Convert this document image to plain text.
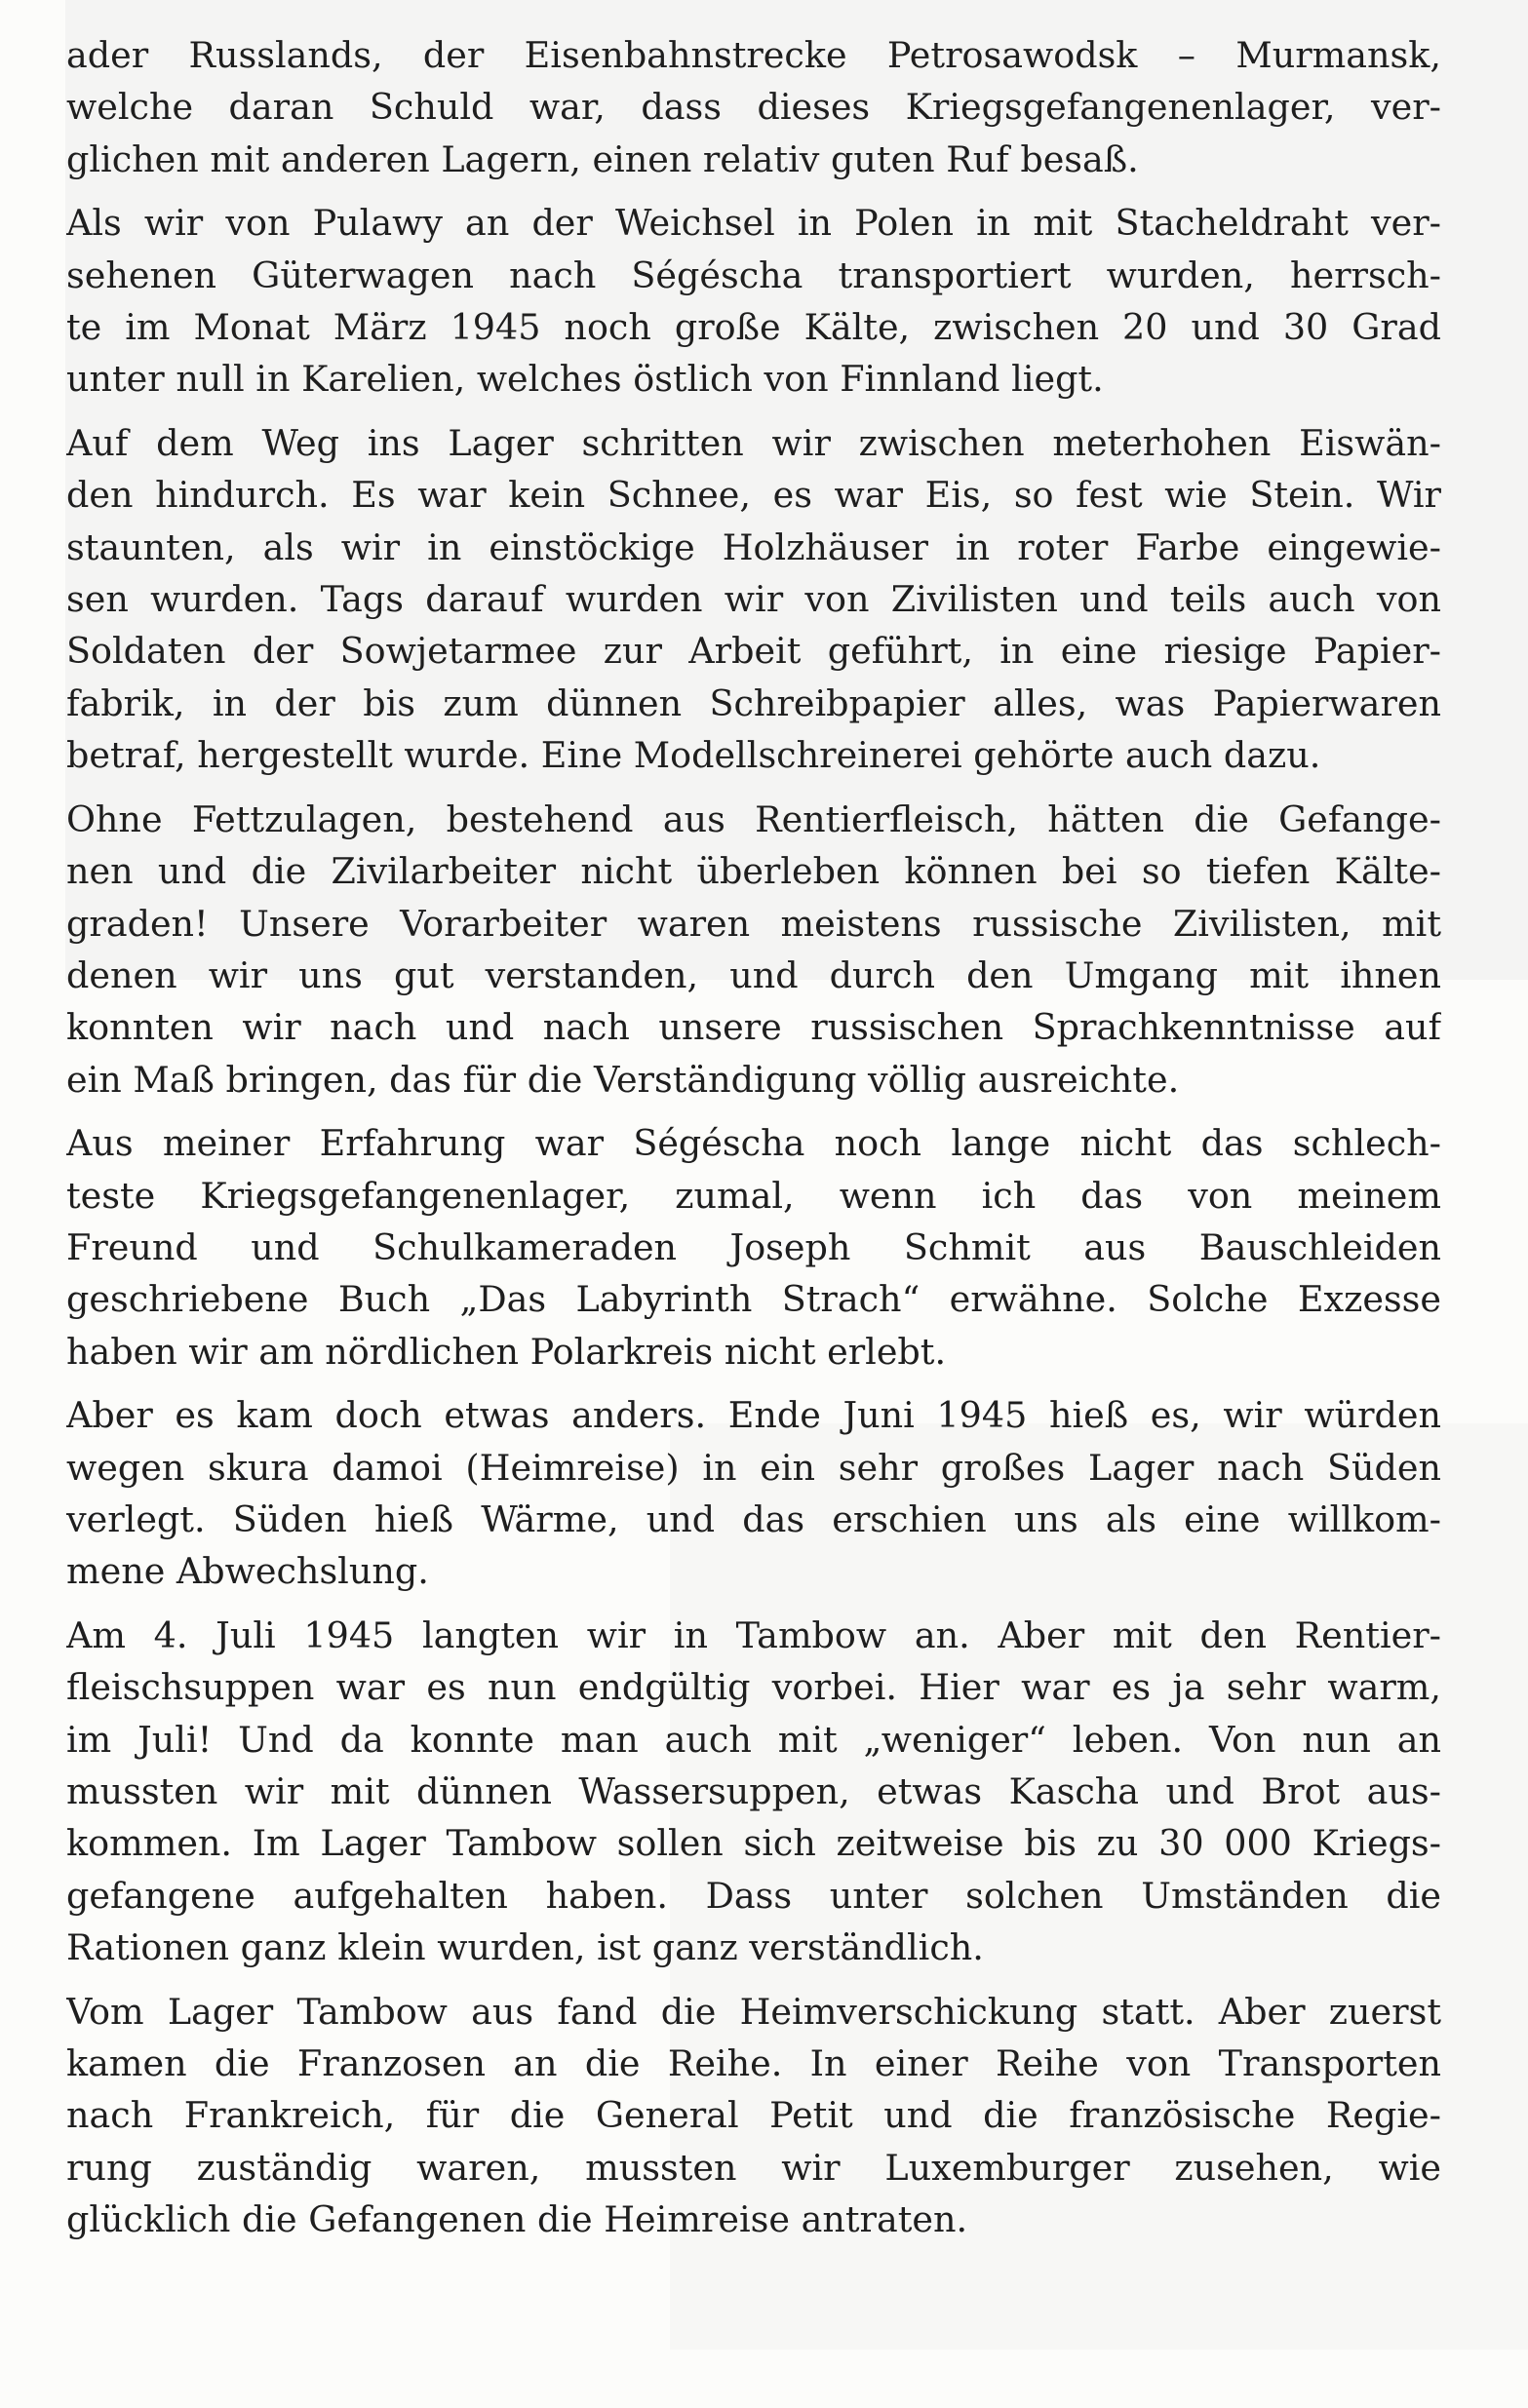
ader Russlands, der Eisenbahnstrecke Petrosawodsk – Murmansk,
welche daran Schuld war, dass dieses Kriegsgefangenenlager, ver-
glichen mit anderen Lagern, einen relativ guten Ruf besaß.

Als wir von Pulawy an der Weichsel in Polen in mit Stacheldraht ver-
sehenen Güterwagen nach Ségéscha transportiert wurden, herrsch-
te im Monat März 1945 noch große Kälte, zwischen 20 und 30 Grad
unter null in Karelien, welches östlich von Finnland liegt.

Auf dem Weg ins Lager schritten wir zwischen meterhohen Eiswän-
den hindurch. Es war kein Schnee, es war Eis, so fest wie Stein. Wir
staunten, als wir in einstöckige Holzhäuser in roter Farbe eingewie-
sen wurden. Tags darauf wurden wir von Zivilisten und teils auch von
Soldaten der Sowjetarmee zur Arbeit geführt, in eine riesige Papier-
fabrik, in der bis zum dünnen Schreibpapier alles, was Papierwaren
betraf, hergestellt wurde. Eine Modellschreinerei gehörte auch dazu.

Ohne Fettzulagen, bestehend aus Rentierfleisch, hätten die Gefange-
nen und die Zivilarbeiter nicht überleben können bei so tiefen Kälte-
graden! Unsere Vorarbeiter waren meistens russische Zivilisten, mit
denen wir uns gut verstanden, und durch den Umgang mit ihnen
konnten wir nach und nach unsere russischen Sprachkenntnisse auf
ein Maß bringen, das für die Verständigung völlig ausreichte.

Aus meiner Erfahrung war Ségéscha noch lange nicht das schlech-
teste Kriegsgefangenenlager, zumal, wenn ich das von meinem
Freund und Schulkameraden Joseph Schmit aus Bauschleiden
geschriebene Buch „Das Labyrinth Strach“ erwähne. Solche Exzesse
haben wir am nördlichen Polarkreis nicht erlebt.

Aber es kam doch etwas anders. Ende Juni 1945 hieß es, wir würden
wegen skura damoi (Heimreise) in ein sehr großes Lager nach Süden
verlegt. Süden hieß Wärme, und das erschien uns als eine willkom-
mene Abwechslung.

Am 4. Juli 1945 langten wir in Tambow an. Aber mit den Rentier-
fleischsuppen war es nun endgültig vorbei. Hier war es ja sehr warm,
im Juli! Und da konnte man auch mit „weniger“ leben. Von nun an
mussten wir mit dünnen Wassersuppen, etwas Kascha und Brot aus-
kommen. Im Lager Tambow sollen sich zeitweise bis zu 30 000 Kriegs-
gefangene aufgehalten haben. Dass unter solchen Umständen die
Rationen ganz klein wurden, ist ganz verständlich.

Vom Lager Tambow aus fand die Heimverschickung statt. Aber zuerst
kamen die Franzosen an die Reihe. In einer Reihe von Transporten
nach Frankreich, für die General Petit und die französische Regie-
rung zuständig waren, mussten wir Luxemburger zusehen, wie
glücklich die Gefangenen die Heimreise antraten.
